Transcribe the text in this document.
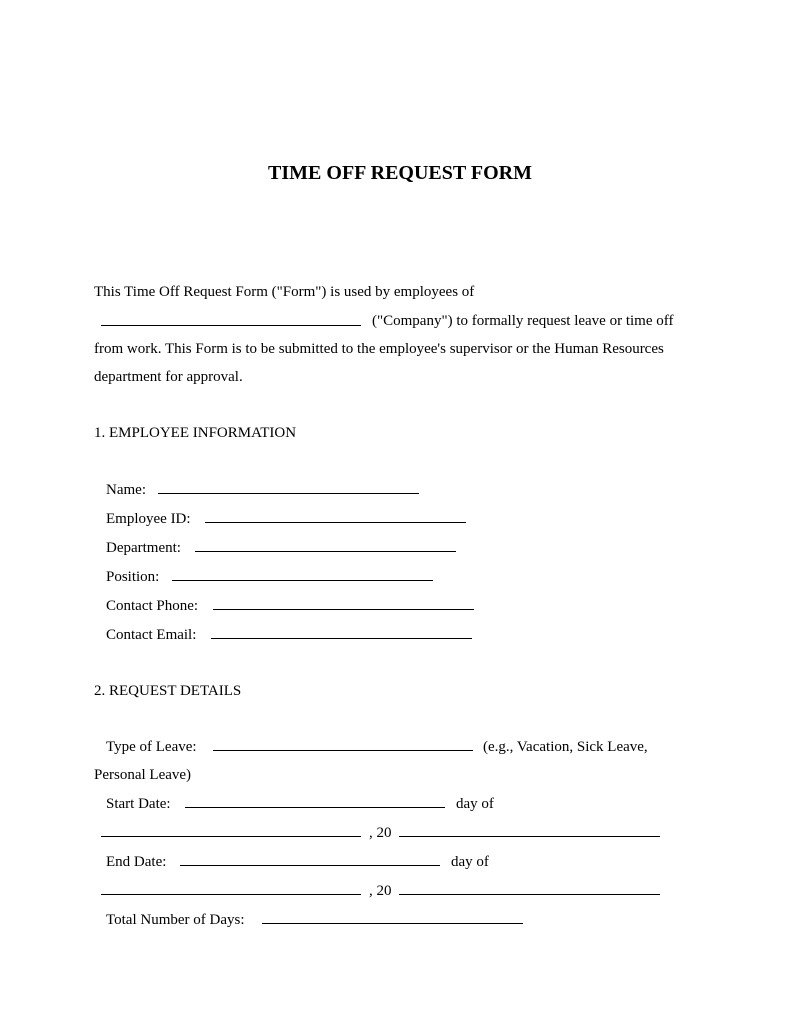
TIME OFF REQUEST FORM
This Time Off Request Form ("Form") is used by employees of
("Company") to formally request leave or time off
from work. This Form is to be submitted to the employee's supervisor or the Human Resources
department for approval.
1. EMPLOYEE INFORMATION
Name:
Employee ID:
Department:
Position:
Contact Phone:
Contact Email:
2. REQUEST DETAILS
Type of Leave:	(e.g., Vacation, Sick Leave,
Personal Leave)
Start Date:	day of
, 20
End Date:	day of
, 20
Total Number of Days:
